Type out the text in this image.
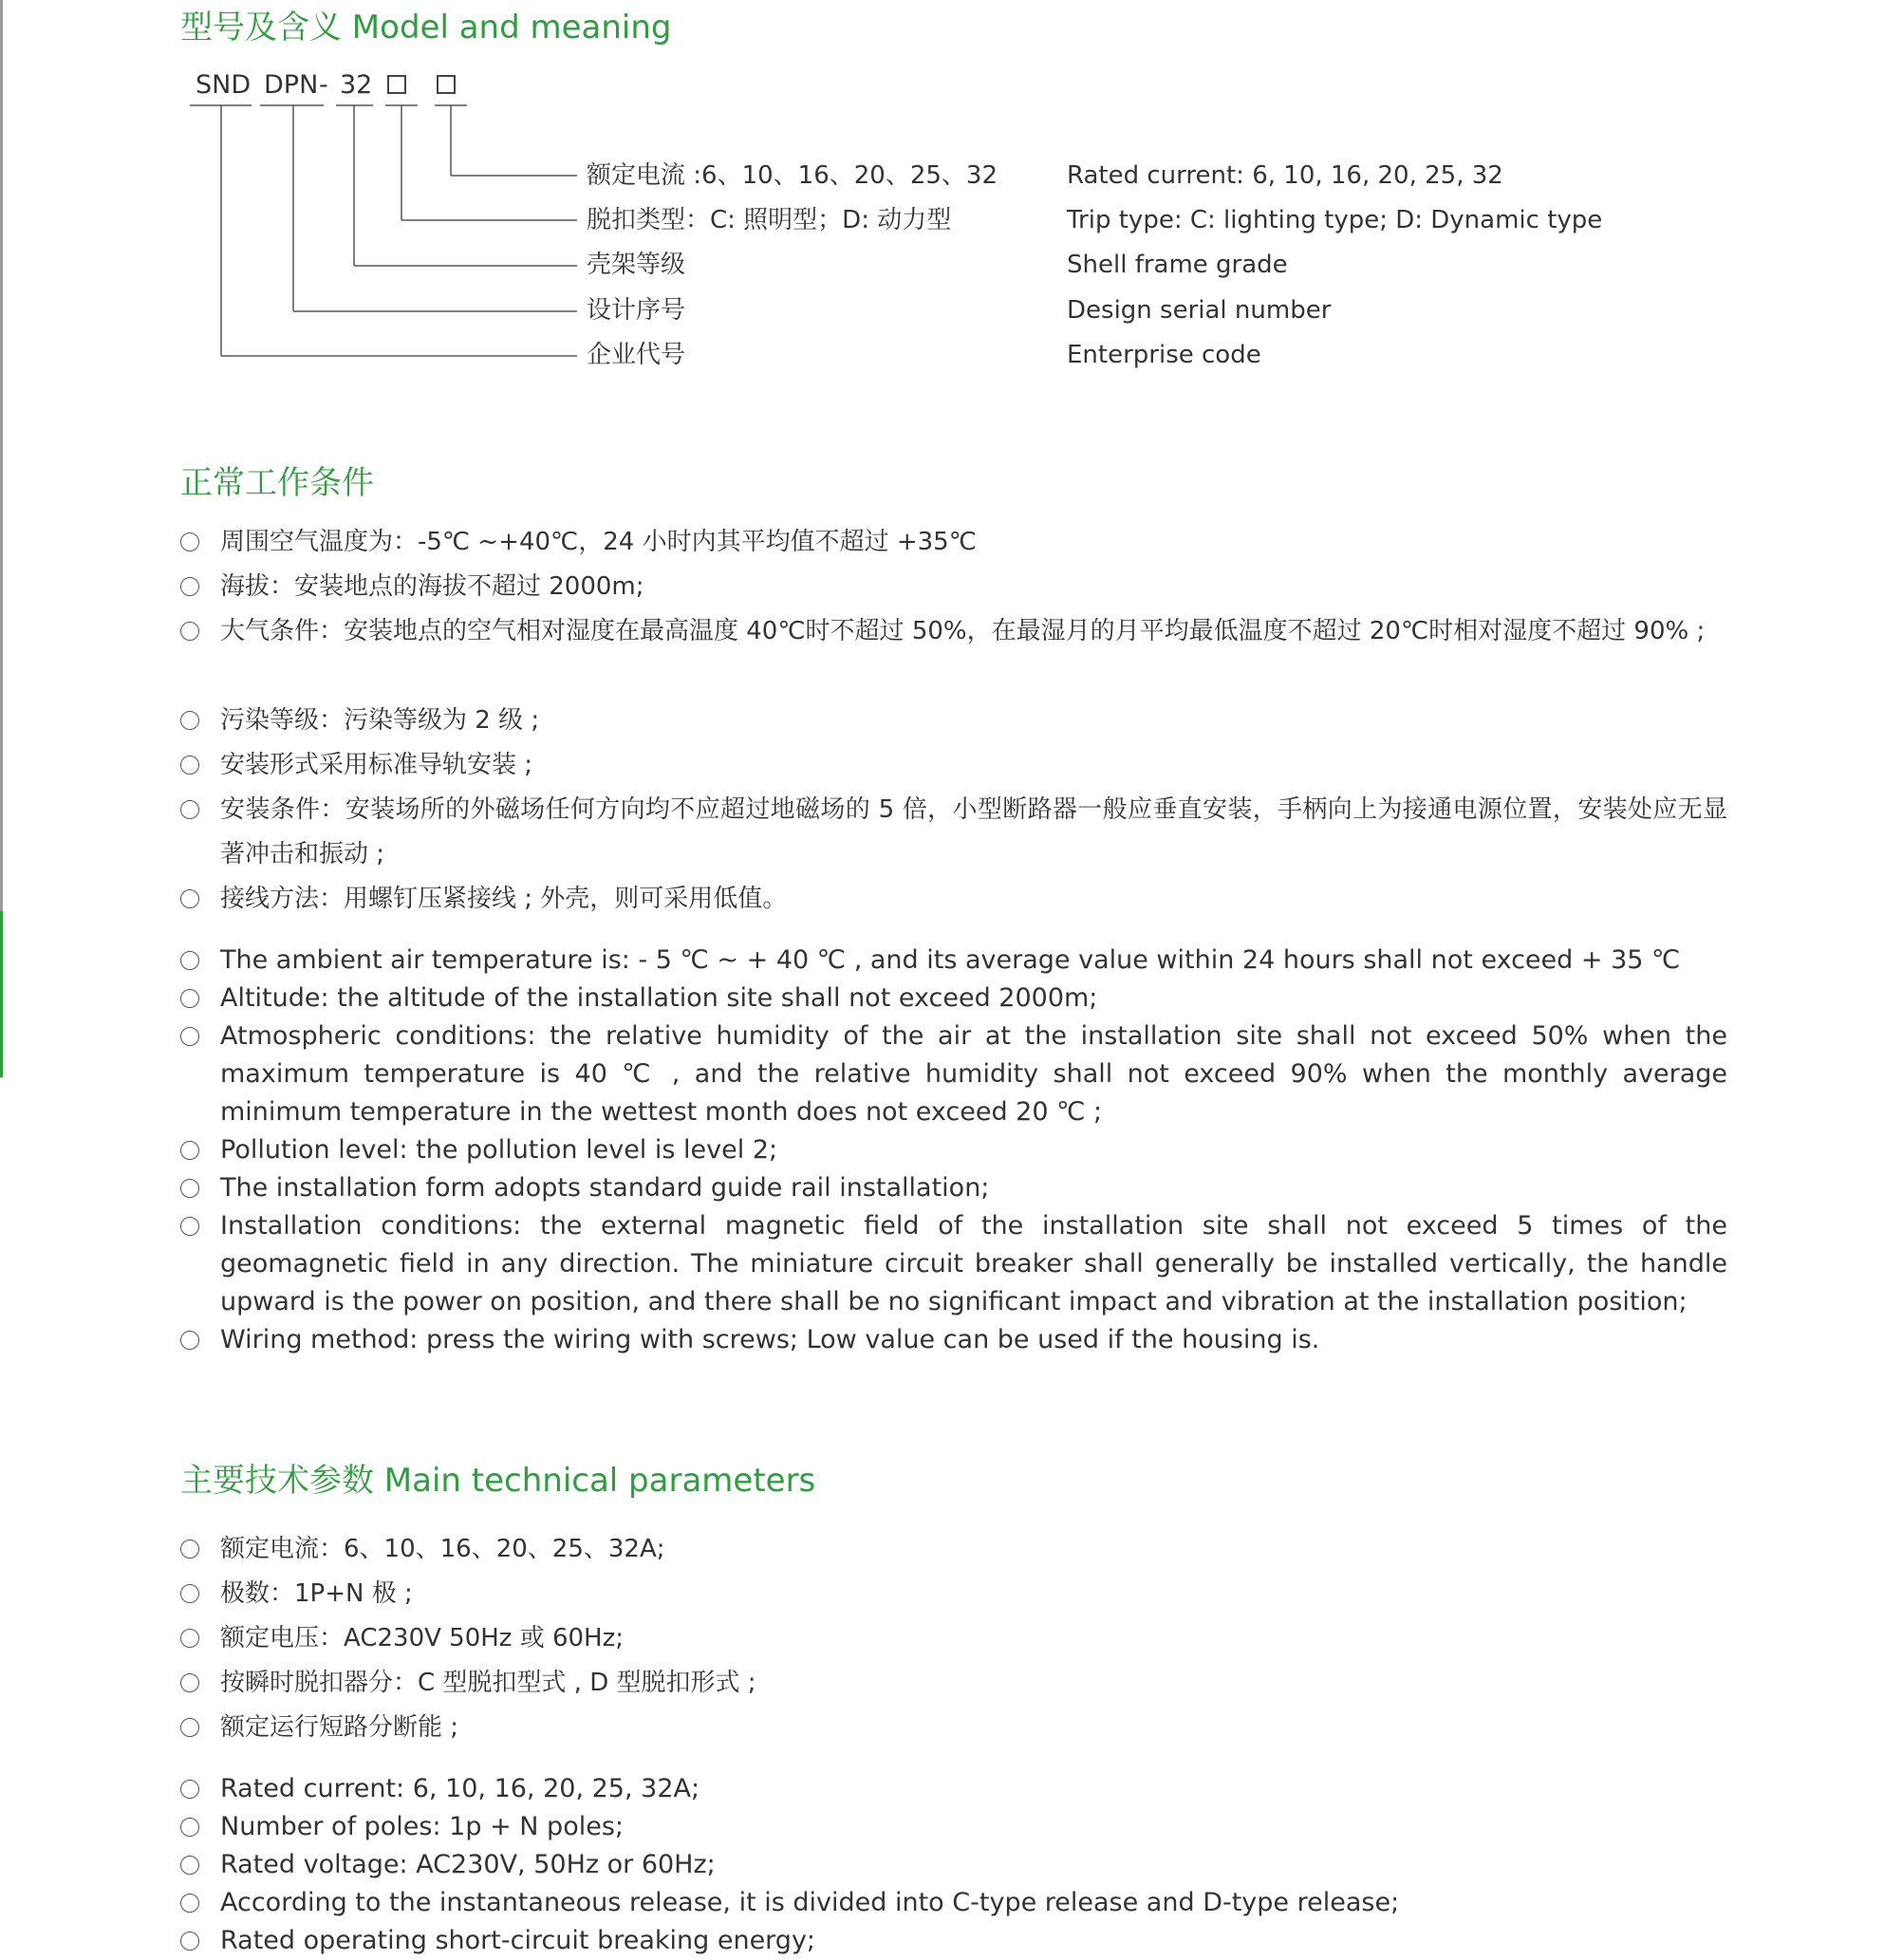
型号及含义 Model and meaning
SND DPN - 32
额定电流 :6、10、16、20、25、32	Rated current: 6, 10, 16, 20, 25, 32
脱扣类型：C: 照明型；D: 动力型	Trip type: C: lighting type; D: Dynamic type
壳架等级	Shell frame grade
设计序号	Design serial number
企业代号	Enterprise code
正常工作条件
周围空气温度为：-5℃ ~+40℃，24 小时内其平均值不超过 +35℃
海拔：安装地点的海拔不超过 2000m;
大气条件：安装地点的空气相对湿度在最高温度 40℃时不超过 50%，在最湿月的月平均最低温度不超过 20℃时相对湿度不超过 90% ;
污染等级：污染等级为 2 级 ;
安装形式采用标准导轨安装 ;
安装条件：安装场所的外磁场任何方向均不应超过地磁场的 5 倍，小型断路器一般应垂直安装，手柄向上为接通电源位置，安装处应无显著冲击和振动 ;
接线方法：用螺钉压紧接线 ; 外壳，则可采用低值。
The ambient air temperature is: - 5 ℃ ~ + 40 ℃ , and its average value within 24 hours shall not exceed + 35 ℃
Altitude: the altitude of the installation site shall not exceed 2000m;
Atmospheric conditions: the relative humidity of the air at the installation site shall not exceed 50% when the maximum temperature is 40 ℃ , and the relative humidity shall not exceed 90% when the monthly average minimum temperature in the wettest month does not exceed 20 ℃ ;
Pollution level: the pollution level is level 2;
The installation form adopts standard guide rail installation;
Installation conditions: the external magnetic field of the installation site shall not exceed 5 times of the geomagnetic field in any direction. The miniature circuit breaker shall generally be installed vertically, the handle upward is the power on position, and there shall be no significant impact and vibration at the installation position;
Wiring method: press the wiring with screws; Low value can be used if the housing is.
主要技术参数 Main technical parameters
额定电流：6、10、16、20、25、32A;
极数：1P+N 极 ;
额定电压：AC230V 50Hz 或 60Hz;
按瞬时脱扣器分：C 型脱扣型式 , D 型脱扣形式 ;
额定运行短路分断能 ;
Rated current: 6, 10, 16, 20, 25, 32A;
Number of poles: 1p + N poles;
Rated voltage: AC230V, 50Hz or 60Hz;
According to the instantaneous release, it is divided into C-type release and D-type release;
Rated operating short-circuit breaking energy;
